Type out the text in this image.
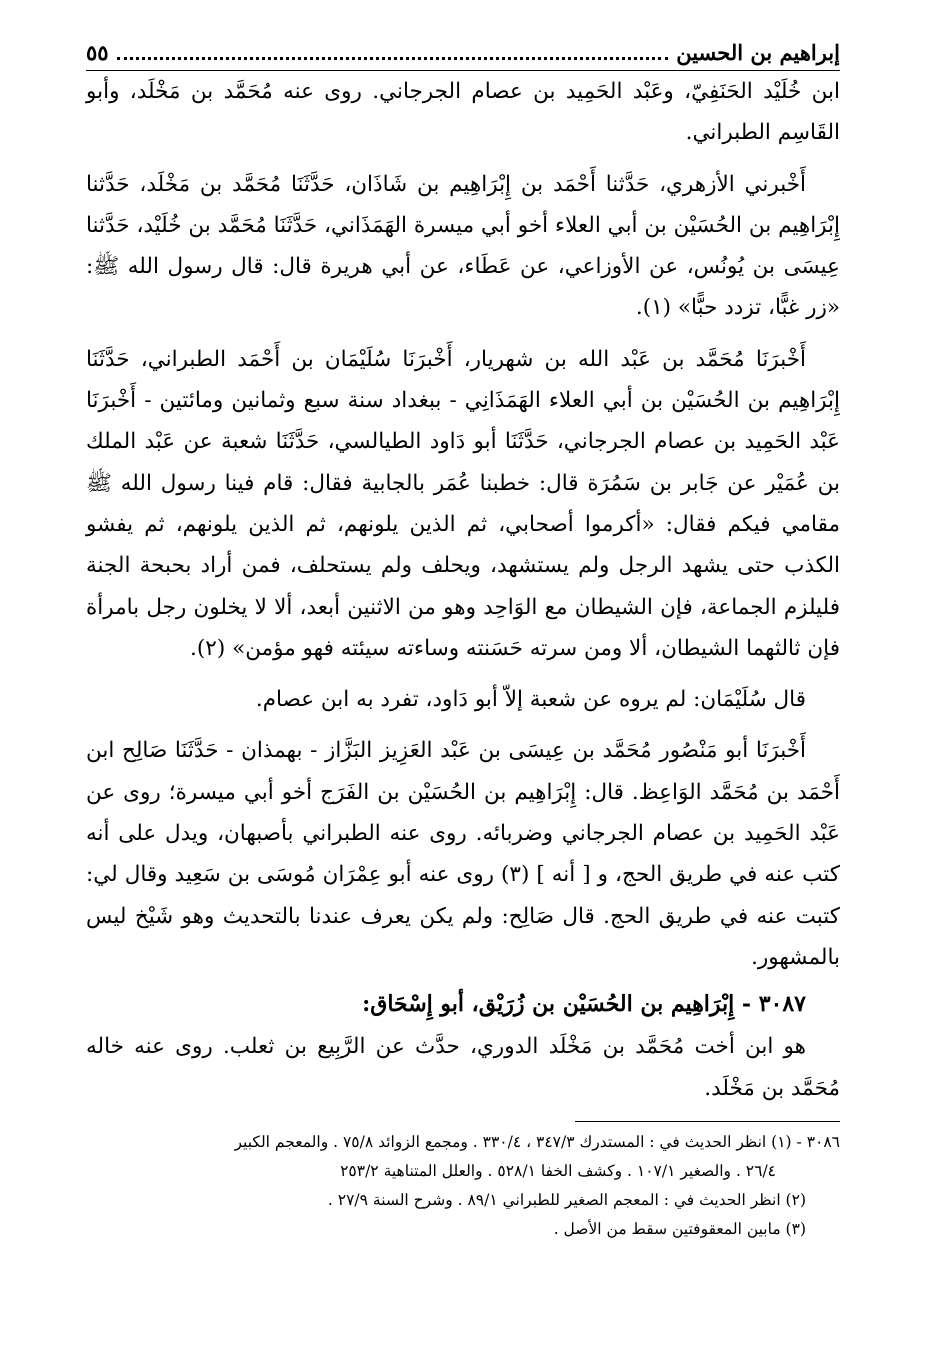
إبراهيم بن الحسين
٥٥

ابن خُلَيْد الحَنَفِيّ، وعَبْد الحَمِيد بن عصام الجرجاني. روى عنه مُحَمَّد بن مَخْلَد، وأبو القَاسِم الطبراني.

أَخْبرني الأزهري، حَدَّثنا أَحْمَد بن إِبْرَاهِيم بن شَاذَان، حَدَّثَنَا مُحَمَّد بن مَخْلَد، حَدَّثنا إِبْرَاهِيم بن الحُسَيْن بن أبي العلاء أخو أبي ميسرة الهَمَذَاني، حَدَّثَنَا مُحَمَّد بن خُلَيْد، حَدَّثنا عِيسَى بن يُونُس، عن الأوزاعي، عن عَطَاء، عن أبي هريرة قال: قال رسول الله ﷺ: «زر غبًّا، تزدد حبًّا» (١).

أَخْبرَنَا مُحَمَّد بن عَبْد الله بن شهريار، أَخْبرَنَا سُلَيْمَان بن أَحْمَد الطبراني، حَدَّثَنَا إِبْرَاهِيم بن الحُسَيْن بن أبي العلاء الهَمَذَانِي - ببغداد سنة سبع وثمانين ومائتين - أَخْبرَنَا عَبْد الحَمِيد بن عصام الجرجاني، حَدَّثَنَا أبو دَاود الطيالسي، حَدَّثَنَا شعبة عن عَبْد الملك بن عُمَيْر عن جَابر بن سَمُرَة قال: خطبنا عُمَر بالجابية فقال: قام فينا رسول الله ﷺ مقامي فيكم فقال: «أكرموا أصحابي، ثم الذين يلونهم، ثم الذين يلونهم، ثم يفشو الكذب حتى يشهد الرجل ولم يستشهد، ويحلف ولم يستحلف، فمن أراد بحبحة الجنة فليلزم الجماعة، فإن الشيطان مع الوَاحِد وهو من الاثنين أبعد، ألا لا يخلون رجل بامرأة فإن ثالثهما الشيطان، ألا ومن سرته حَسَنته وساءته سيئته فهو مؤمن» (٢).

قال سُلَيْمَان: لم يروه عن شعبة إلاّ أبو دَاود، تفرد به ابن عصام.

أَخْبرَنَا أبو مَنْصُور مُحَمَّد بن عِيسَى بن عَبْد العَزِيز البَزَّاز - بهمذان - حَدَّثَنَا صَالِح ابن أَحْمَد بن مُحَمَّد الوَاعِظ. قال: إِبْرَاهِيم بن الحُسَيْن بن الفَرَج أخو أبي ميسرة؛ روى عن عَبْد الحَمِيد بن عصام الجرجاني وضربائه. روى عنه الطبراني بأصبهان، ويدل على أنه كتب عنه في طريق الحج، و [ أنه ] (٣) روى عنه أبو عِمْرَان مُوسَى بن سَعِيد وقال لي: كتبت عنه في طريق الحج. قال صَالِح: ولم يكن يعرف عندنا بالتحديث وهو شَيْخ ليس بالمشهور.

٣٠٨٧ - إِبْرَاهِيم بن الحُسَيْن بن زُرَيْق، أبو إِسْحَاق:

هو ابن أخت مُحَمَّد بن مَخْلَد الدوري، حدَّث عن الرَّبِيع بن ثعلب. روى عنه خاله مُحَمَّد بن مَخْلَد.

٣٠٨٦ - (١) انظر الحديث في : المستدرك ٣٤٧/٣ ، ٣٣٠/٤ . ومجمع الزوائد ٧٥/٨ . والمعجم الكبير

٢٦/٤ . والصغير ١٠٧/١ . وكشف الخفا ٥٢٨/١ . والعلل المتناهية ٢٥٣/٢

(٢) انظر الحديث في : المعجم الصغير للطبراني ٨٩/١ . وشرح السنة ٢٧/٩ .

(٣) مابين المعقوفتين سقط من الأصل .
